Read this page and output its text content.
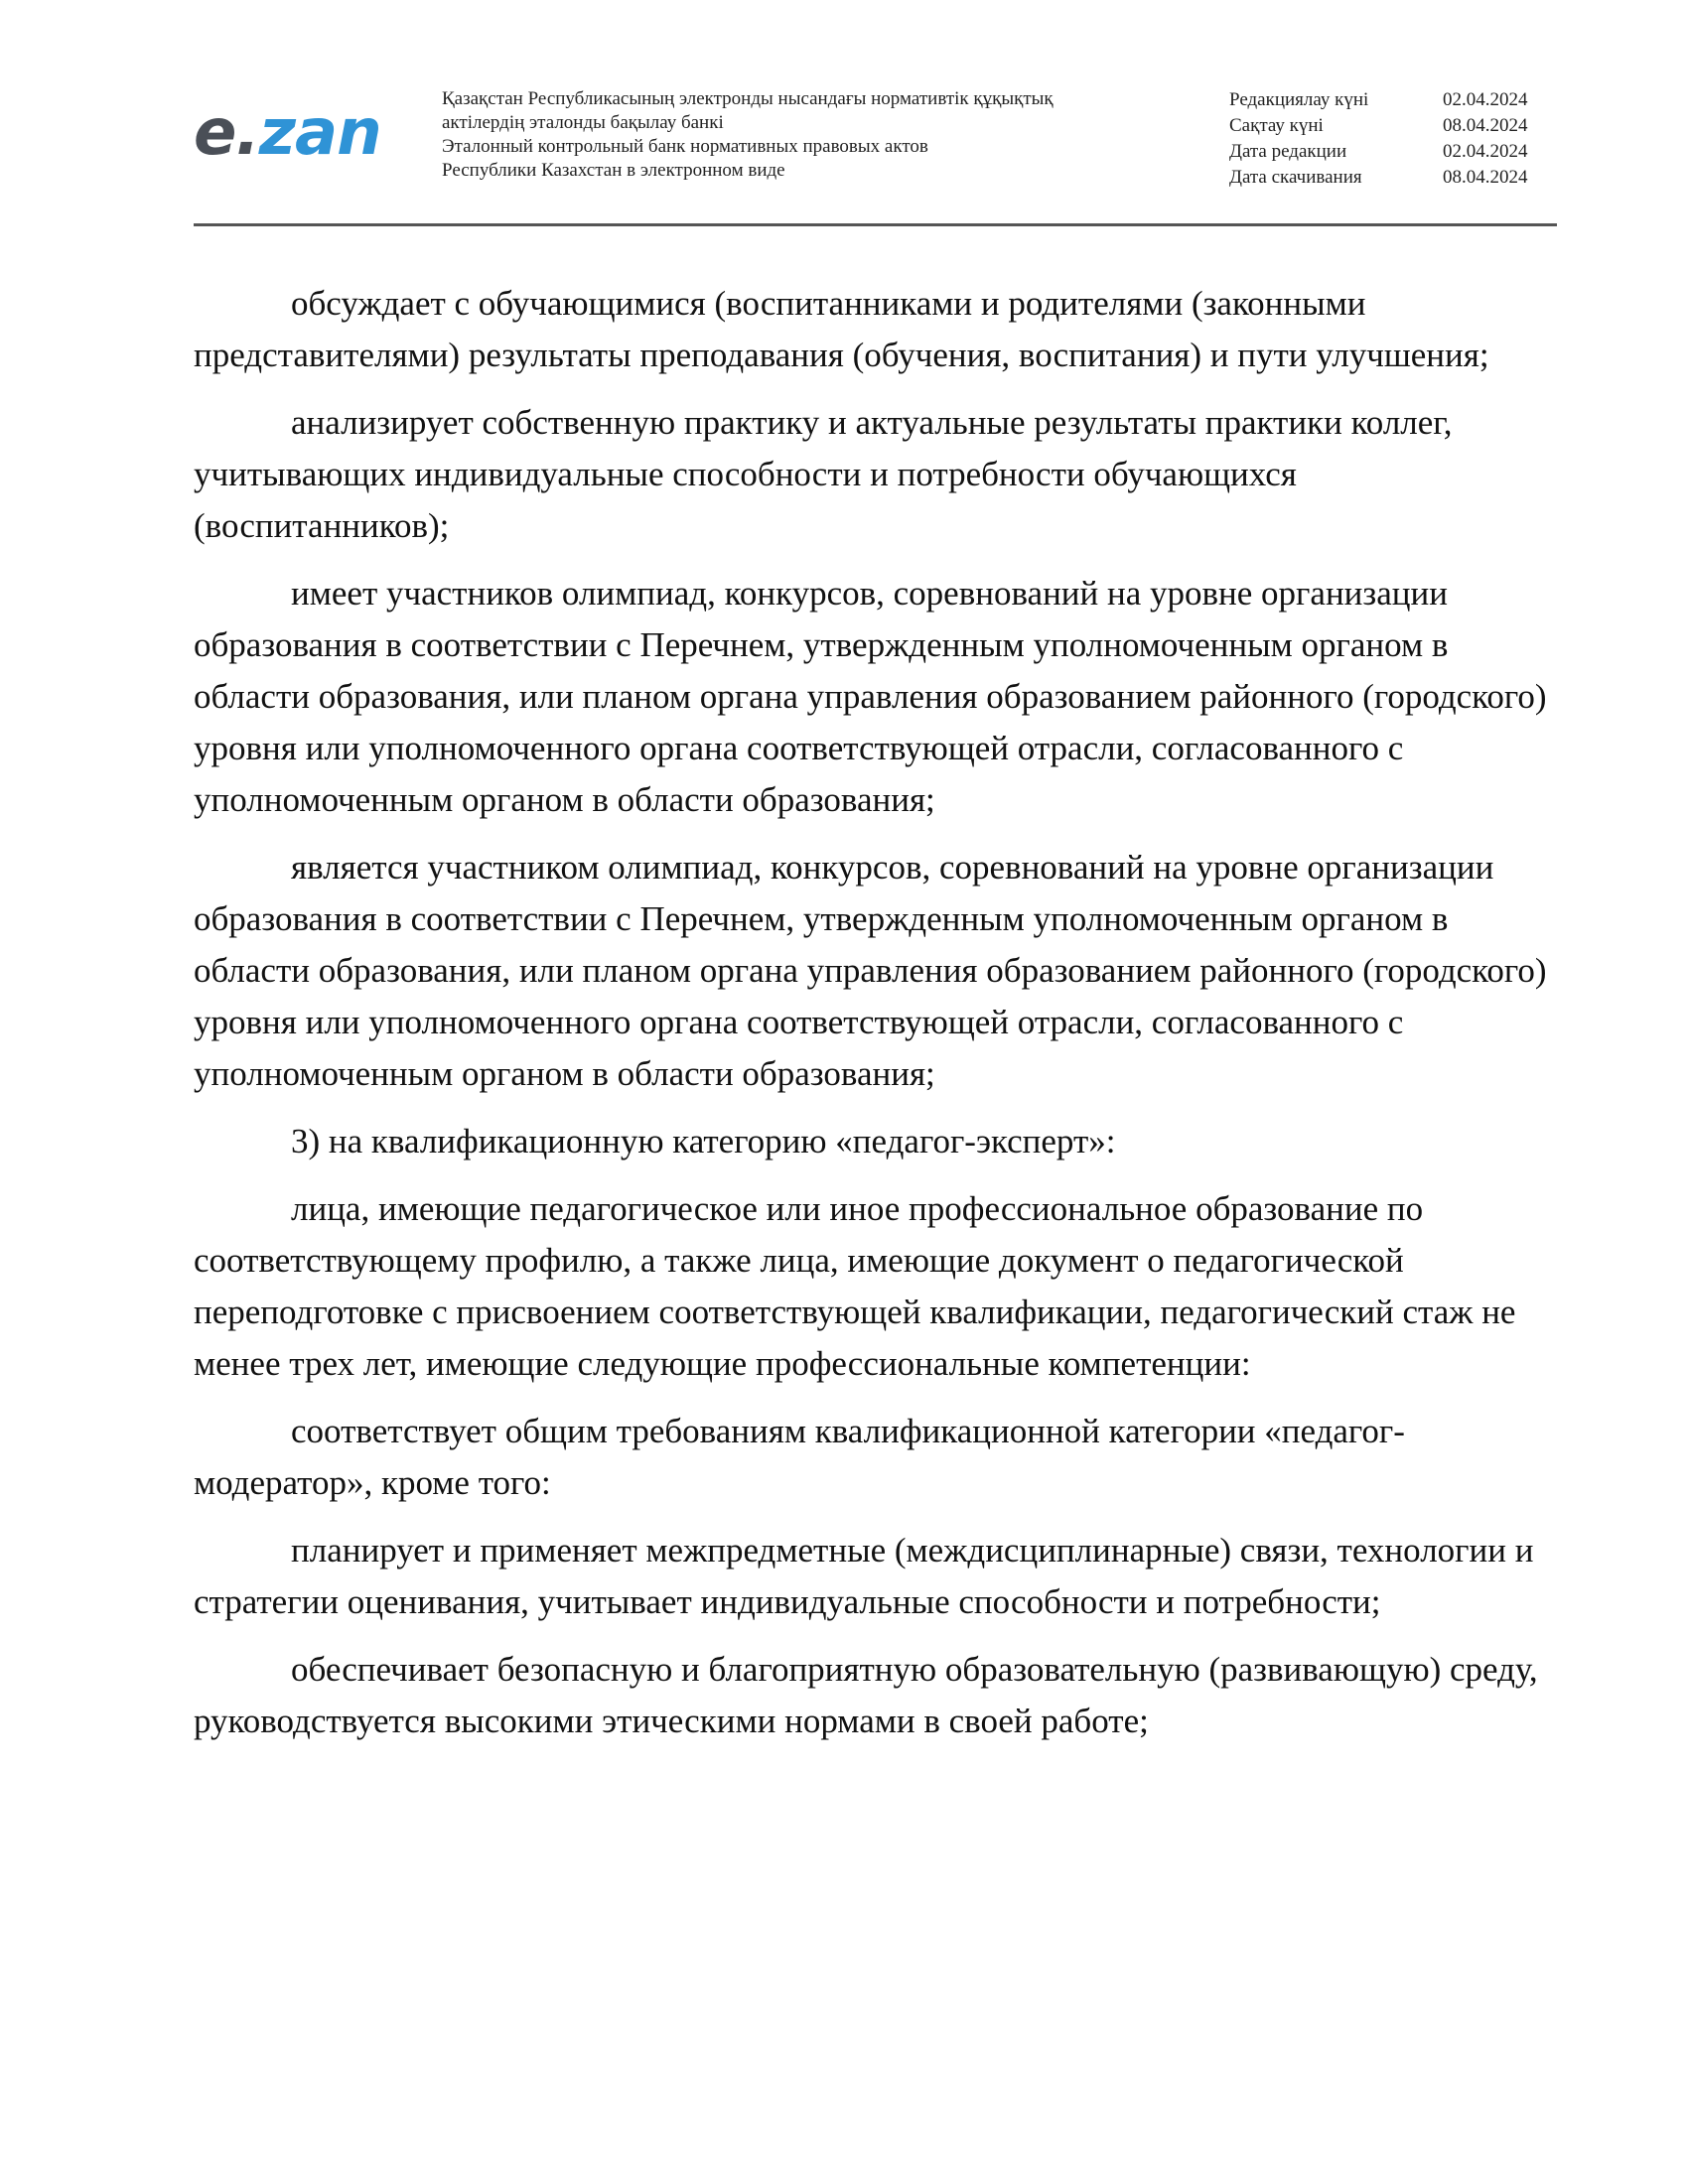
e.zan	Қазақстан Республикасының электронды нысандағы нормативтік құқықтық
актілердің эталонды бақылау банкі
Эталонный контрольный банк нормативных правовых актов
Республики Казахстан в электронном виде
Редакциялау күні	02.04.2024
Сақтау күні	08.04.2024
Дата редакции	02.04.2024
Дата скачивания	08.04.2024

обсуждает с обучающимися (воспитанниками и родителями (законными представителями) результаты преподавания (обучения, воспитания) и пути улучшения;

анализирует собственную практику и актуальные результаты практики коллег, учитывающих индивидуальные способности и потребности обучающихся (воспитанников);

имеет участников олимпиад, конкурсов, соревнований на уровне организации образования в соответствии с Перечнем, утвержденным уполномоченным органом в области образования, или планом органа управления образованием районного (городского) уровня или уполномоченного органа соответствующей отрасли, согласованного с уполномоченным органом в области образования;

является участником олимпиад, конкурсов, соревнований на уровне организации образования в соответствии с Перечнем, утвержденным уполномоченным органом в области образования, или планом органа управления образованием районного (городского) уровня или уполномоченного органа соответствующей отрасли, согласованного с уполномоченным органом в области образования;

3) на квалификационную категорию «педагог-эксперт»:

лица, имеющие педагогическое или иное профессиональное образование по соответствующему профилю, а также лица, имеющие документ о педагогической переподготовке с присвоением соответствующей квалификации, педагогический стаж не менее трех лет, имеющие следующие профессиональные компетенции:

соответствует общим требованиям квалификационной категории «педагог-модератор», кроме того:

планирует и применяет межпредметные (междисциплинарные) связи, технологии и стратегии оценивания, учитывает индивидуальные способности и потребности;

обеспечивает безопасную и благоприятную образовательную (развивающую) среду, руководствуется высокими этическими нормами в своей работе;
